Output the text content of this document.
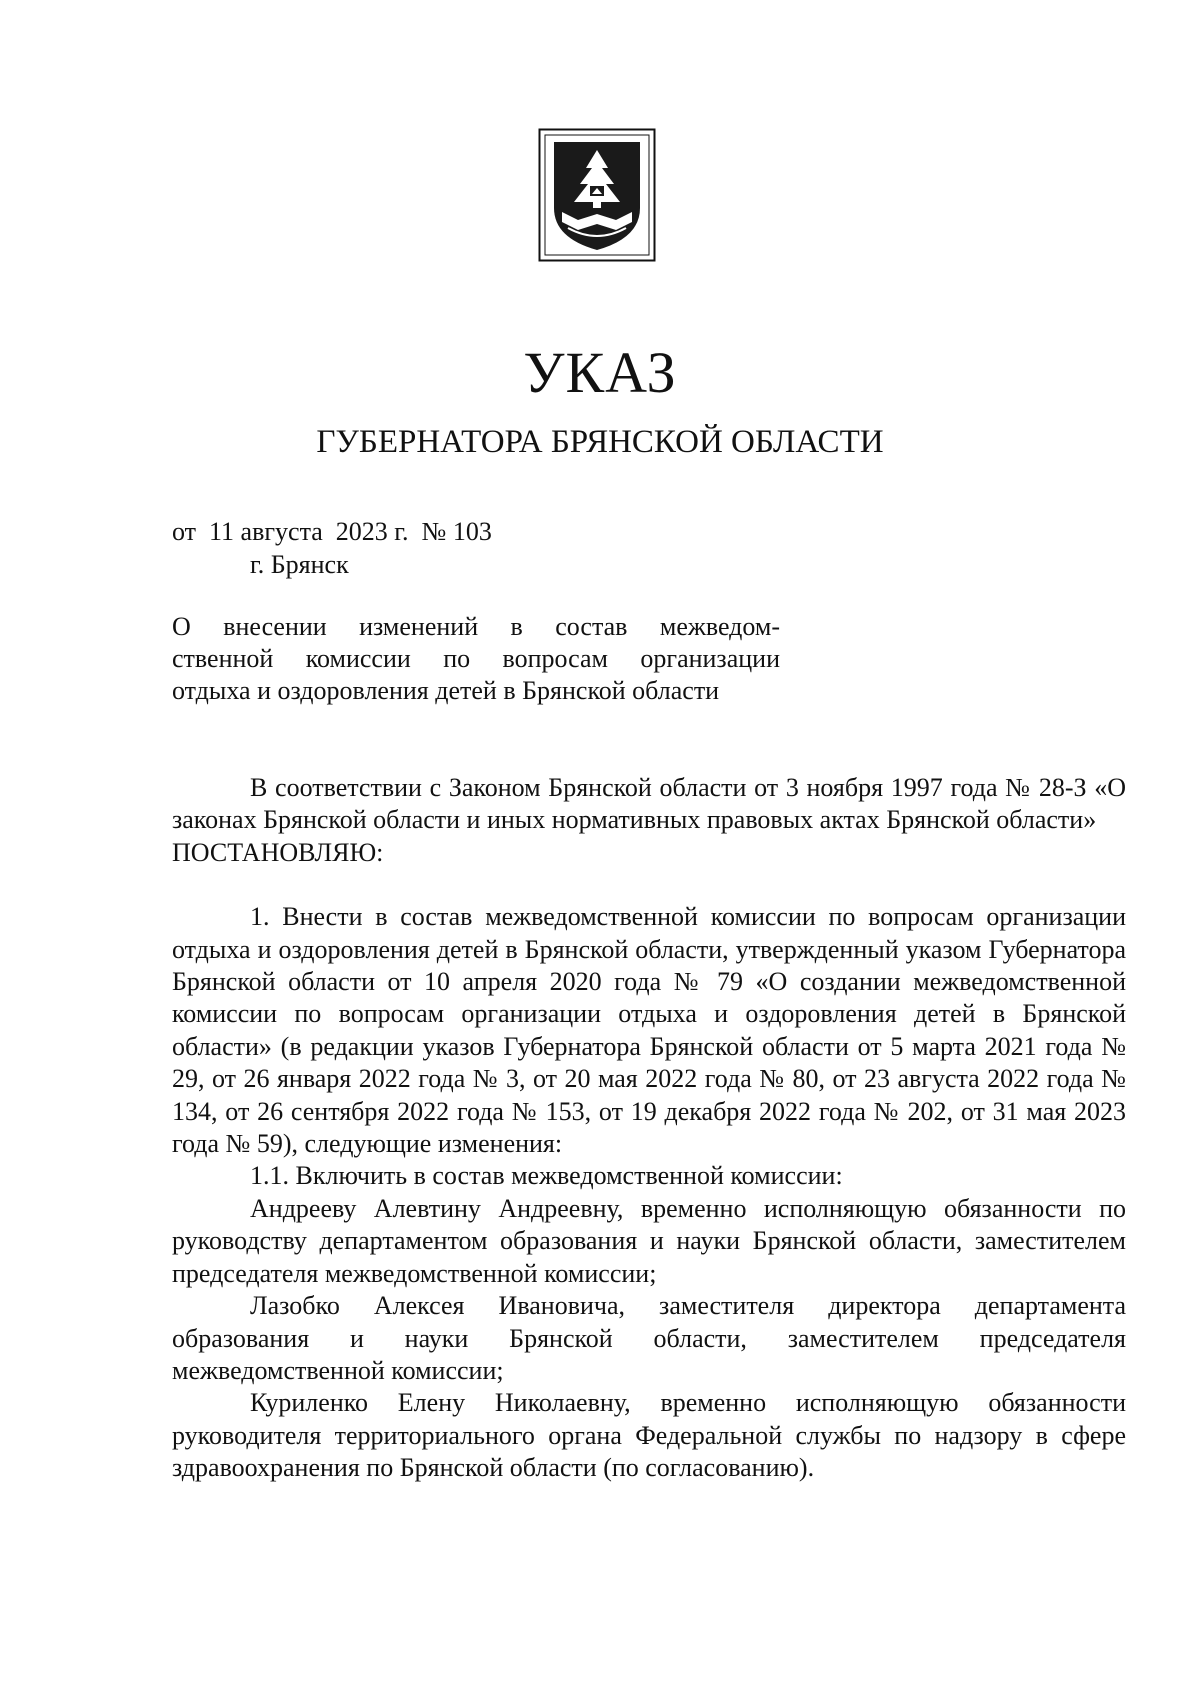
УКАЗ
ГУБЕРНАТОРА БРЯНСКОЙ ОБЛАСТИ
от  11 августа  2023 г.  № 103
г. Брянск
О внесении изменений в состав межведом-
ственной комиссии по вопросам организации
отдыха и оздоровления детей в Брянской области

В соответствии с Законом Брянской области от 3 ноября 1997 года № 28-З «О законах Брянской области и иных нормативных правовых актах Брянской области»

ПОСТАНОВЛЯЮ:

1. Внести в состав межведомственной комиссии по вопросам организации отдыха и оздоровления детей в Брянской области, утвержденный указом Губернатора Брянской области от 10 апреля 2020 года № 79 «О создании межведомственной комиссии по вопросам организации отдыха и оздоровления детей в Брянской области» (в редакции указов Губернатора Брянской области от 5 марта 2021 года № 29, от 26 января 2022 года № 3, от 20 мая 2022 года № 80, от 23 августа 2022 года № 134, от 26 сентября 2022 года № 153, от 19 декабря 2022 года № 202, от 31 мая 2023 года № 59), следующие изменения:

1.1. Включить в состав межведомственной комиссии:

Андрееву Алевтину Андреевну, временно исполняющую обязанности по руководству департаментом образования и науки Брянской области, заместителем председателя межведомственной комиссии;

Лазобко Алексея Ивановича, заместителя директора департамента образования и науки Брянской области, заместителем председателя межведомственной комиссии;

Куриленко Елену Николаевну, временно исполняющую обязанности руководителя территориального органа Федеральной службы по надзору в сфере здравоохранения по Брянской области (по согласованию).
